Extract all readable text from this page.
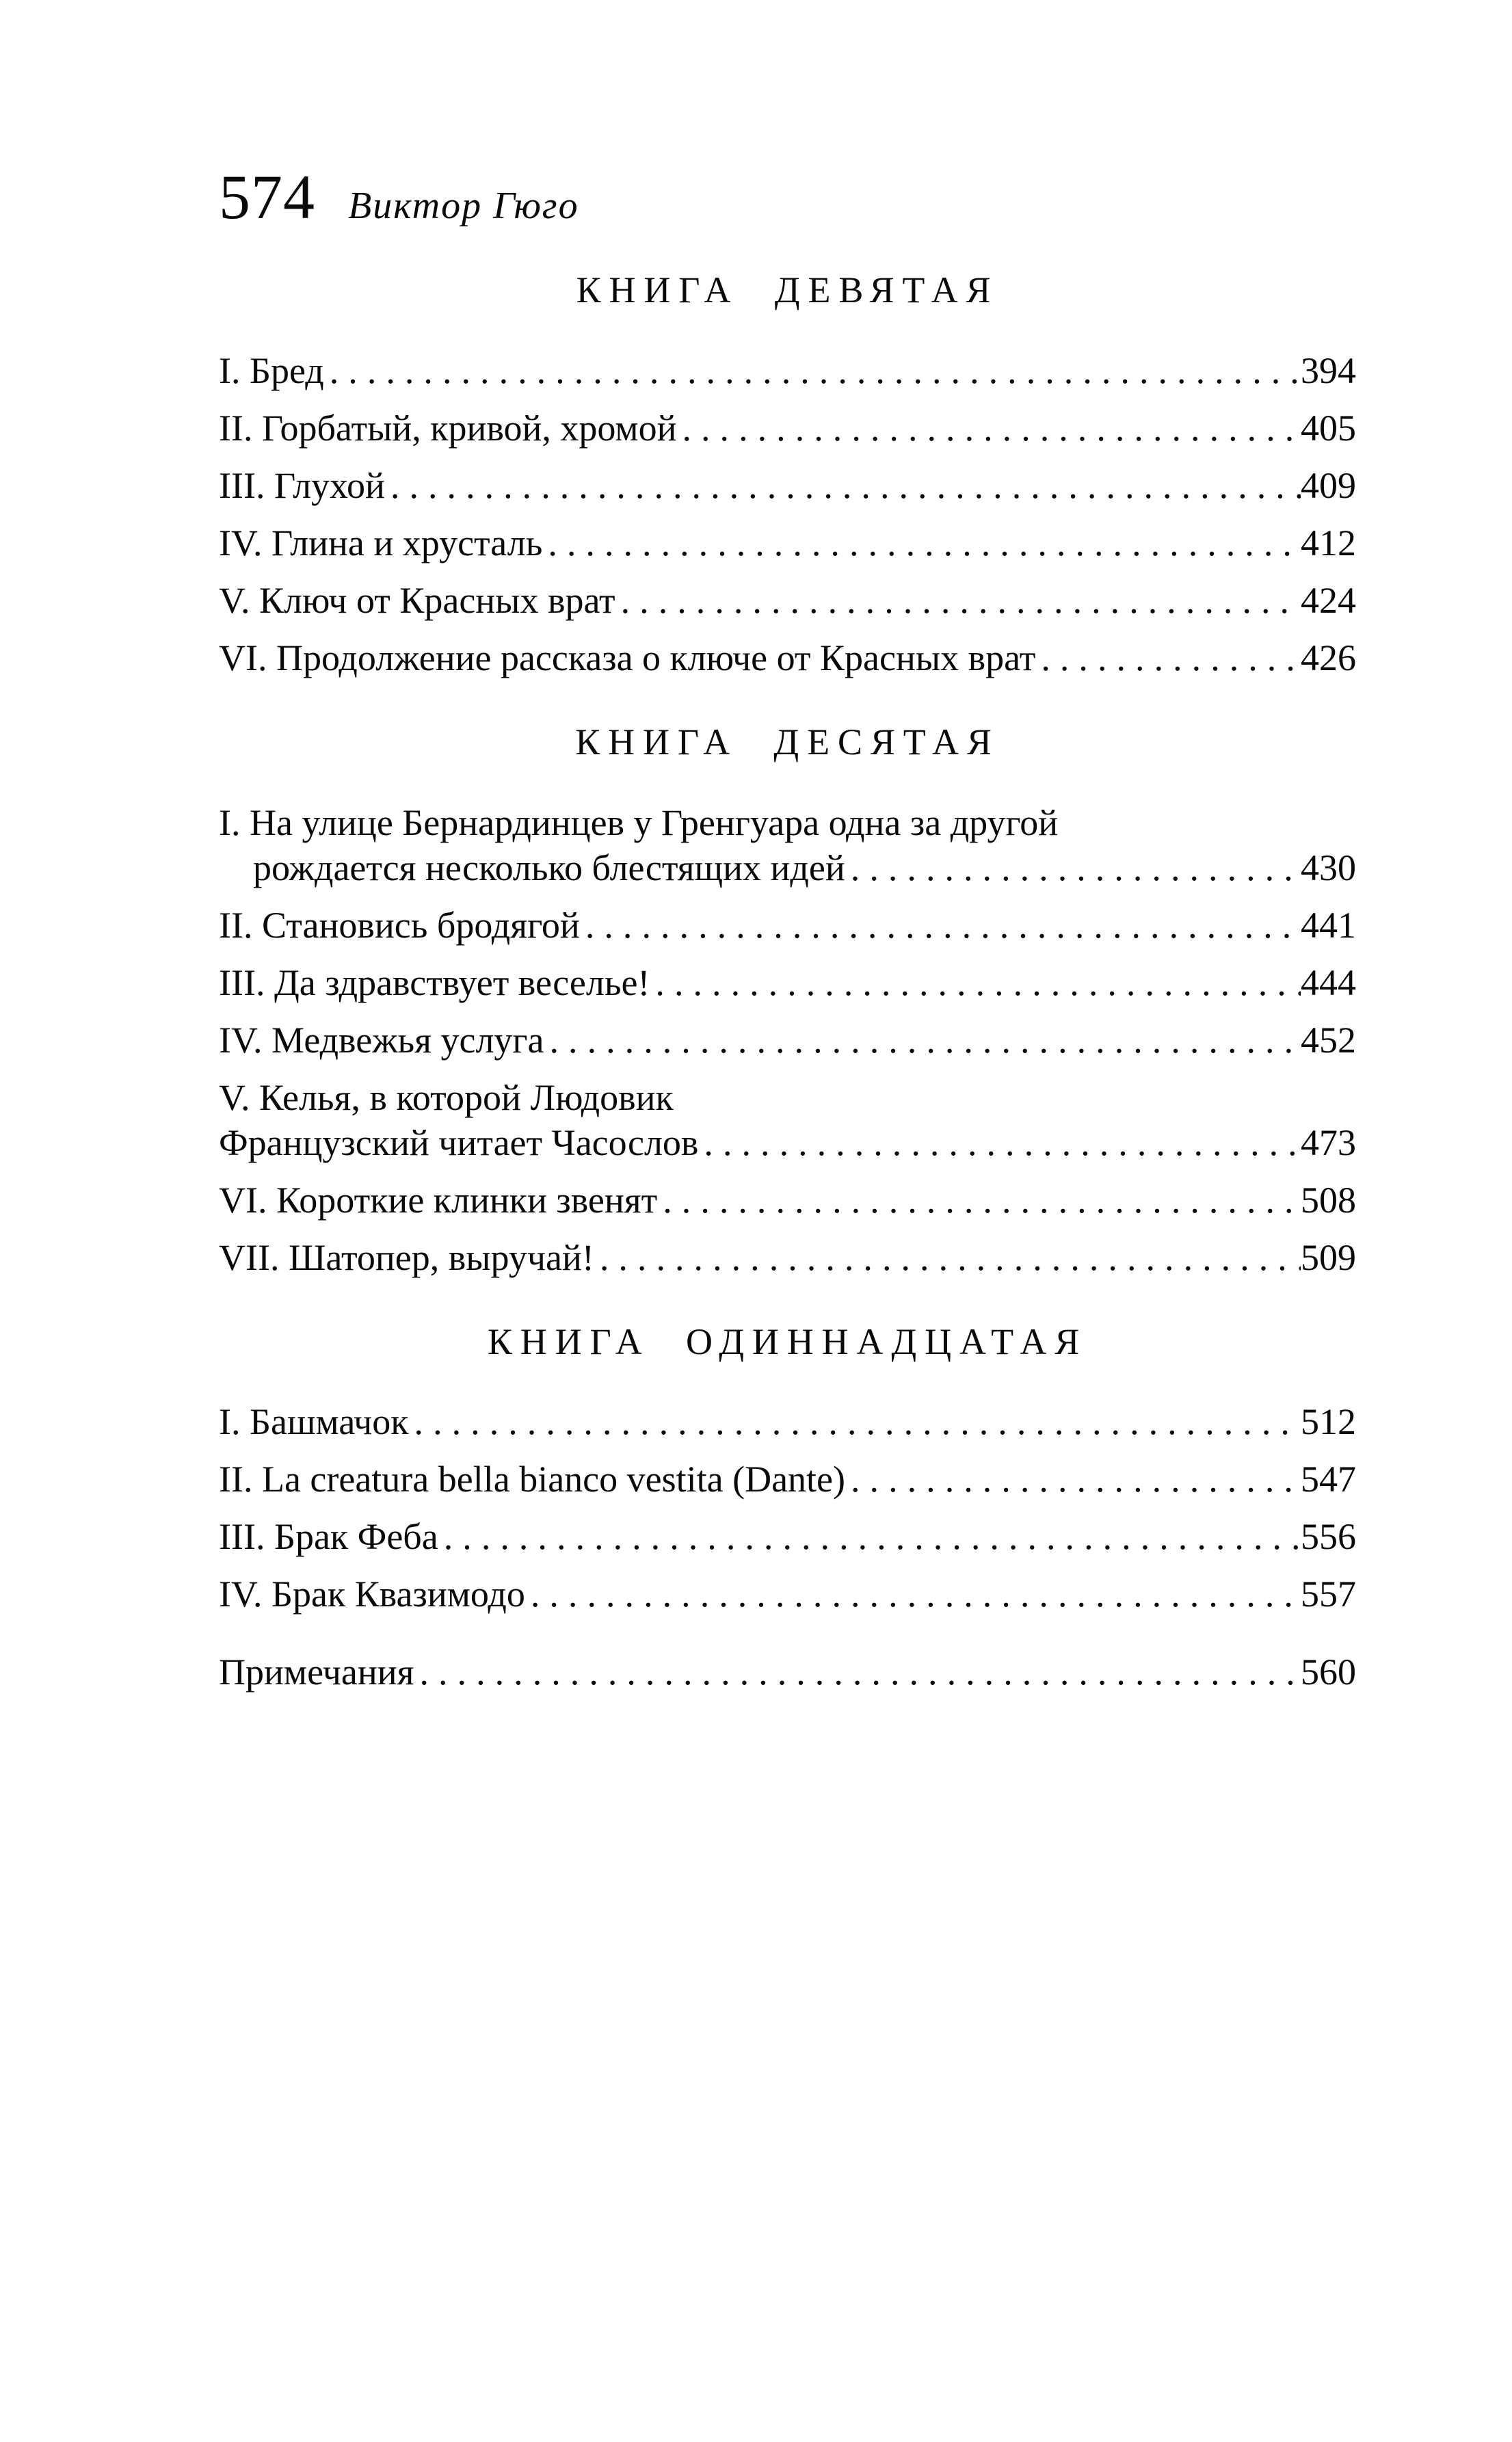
574 Виктор Гюго
КНИГА ДЕВЯТАЯ
I. Бред .....	394
II. Горбатый, кривой, хромой .....	405
III. Глухой .....	409
IV. Глина и хрусталь .....	412
V. Ключ от Красных врат .....	424
VI. Продолжение рассказа о ключе от Красных врат .....	426
КНИГА ДЕСЯТАЯ
I. На улице Бернардинцев у Гренгуара одна за другой
рождается несколько блестящих идей .....	430
II. Становись бродягой .....	441
III. Да здравствует веселье! .....	444
IV. Медвежья услуга .....	452
V. Келья, в которой Людовик
Французский читает Часослов .....	473
VI. Короткие клинки звенят .....	508
VII. Шатопер, выручай! .....	509
КНИГА ОДИННАДЦАТАЯ
I. Башмачок .....	512
II. La creatura bella bianco vestita (Dante) .....	547
III. Брак Феба .....	556
IV. Брак Квазимодо .....	557
Примечания .....	560
